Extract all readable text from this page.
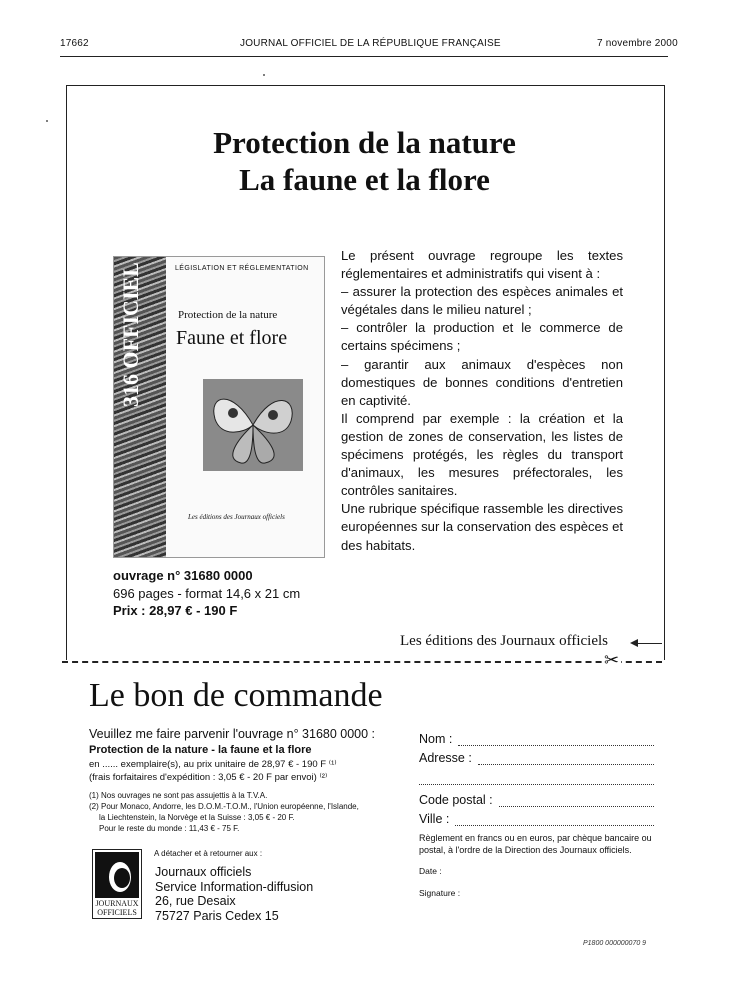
17662	JOURNAL OFFICIEL DE LA RÉPUBLIQUE FRANÇAISE	7 novembre 2000
Protection de la nature
La faune et la flore
316 OFFICIEL	LÉGISLATION ET RÉGLEMENTATION
Protection de la nature
Faune et flore
Les éditions des Journaux officiels

Le présent ouvrage regroupe les textes réglementaires et administratifs qui visent à :

– assurer la protection des espèces animales et végétales dans le milieu naturel ;

– contrôler la production et le commerce de certains spécimens ;

– garantir aux animaux d'espèces non domestiques de bonnes conditions d'entretien en captivité.

Il comprend par exemple : la création et la gestion de zones de conservation, les listes de spécimens protégés, les règles du transport d'animaux, les mesures préfectorales, les contrôles sanitaires.

Une rubrique spécifique rassemble les directives européennes sur la conservation des espèces et des habitats.

ouvrage n° 31680 0000
696 pages - format 14,6 x 21 cm
Prix : 28,97 € - 190 F
Les éditions des Journaux officiels
✂
Le bon de commande
Veuillez me faire parvenir l'ouvrage n° 31680 0000 :
Protection de la nature - la faune et la flore
en ...... exemplaire(s), au prix unitaire de 28,97 € - 190 F ⁽¹⁾
(frais forfaitaires d'expédition : 3,05 € - 20 F par envoi) ⁽²⁾
(1) Nos ouvrages ne sont pas assujettis à la T.V.A.
(2) Pour Monaco, Andorre, les D.O.M.-T.O.M., l'Union européenne, l'Islande,
la Liechtenstein, la Norvège et la Suisse : 3,05 € - 20 F.
Pour le reste du monde : 11,43 € - 75 F.
A détacher et à retourner aux :
JOURNAUX
OFFICIELS
Journaux officiels
Service Information-diffusion
26, rue Desaix
75727 Paris Cedex 15
Nom :
Adresse :
Code postal :
Ville :
Règlement en francs ou en euros, par chèque bancaire ou postal, à l'ordre de la Direction des Journaux officiels.
Date :
Signature :
P1800 000000070 9
